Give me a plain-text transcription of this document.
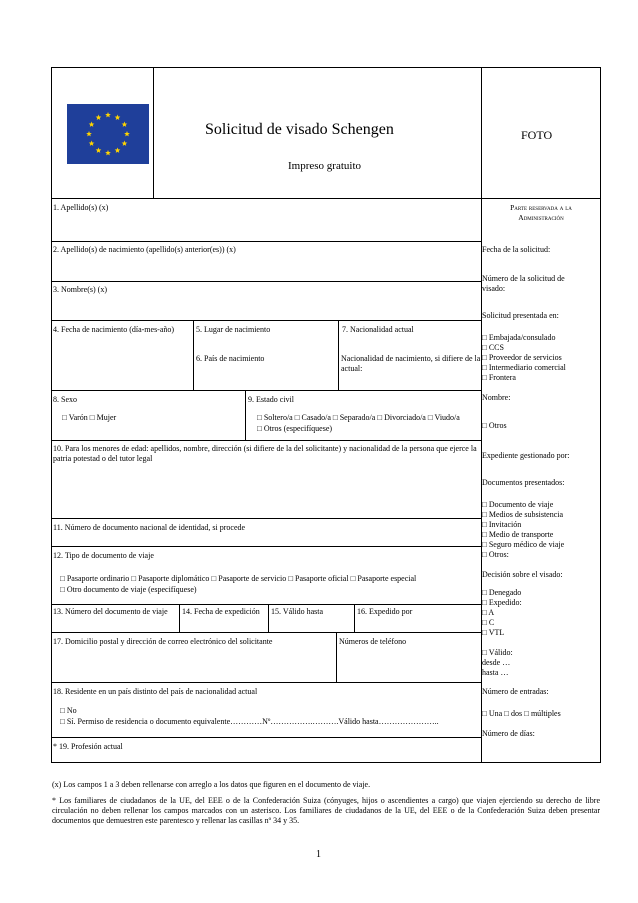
Solicitud de visado Schengen
Impreso gratuito
FOTO
1. Apellido(s) (x)
2. Apellido(s) de nacimiento (apellido(s) anterior(es)) (x)
3. Nombre(s) (x)
4. Fecha de nacimiento (día-mes-año)	5. Lugar de nacimiento
6. País de nacimiento
7. Nacionalidad actual
Nacionalidad de nacimiento, si difiere de la actual:
8. Sexo
□ Varón □ Mujer
9. Estado civil
□ Soltero/a □ Casado/a □ Separado/a □ Divorciado/a □ Viudo/a
□ Otros (especifíquese)
10. Para los menores de edad: apellidos, nombre, dirección (si difiere de la del solicitante) y nacionalidad de la persona que ejerce la patria potestad o del tutor legal
11. Número de documento nacional de identidad, si procede
12. Tipo de documento de viaje
□ Pasaporte ordinario □ Pasaporte diplomático □ Pasaporte de servicio □ Pasaporte oficial □ Pasaporte especial
□ Otro documento de viaje (especifíquese)
13. Número del documento de viaje 14. Fecha de expedición 15. Válido hasta	16. Expedido por
17. Domicilio postal y dirección de correo electrónico del solicitante	Números de teléfono
18. Residente en un país distinto del país de nacionalidad actual
□ No
□ Sí. Permiso de residencia o documento equivalente…………Nº…………….……….Válido hasta…………………..
* 19. Profesión actual
Parte reservada a la
Administración
Fecha de la solicitud:
Número de la solicitud de
visado:
Solicitud presentada en:
□ Embajada/consulado
□ CCS
□ Proveedor de servicios
□ Intermediario comercial
□ Frontera
Nombre:
□ Otros
Expediente gestionado por:
Documentos presentados:
□ Documento de viaje
□ Medios de subsistencia
□ Invitación
□ Medio de transporte
□ Seguro médico de viaje
□ Otros:
Decisión sobre el visado:
□ Denegado
□ Expedido:
□ A
□ C
□ VTL
□ Válido:
desde …
hasta …
Número de entradas:
□ Una □ dos □ múltiples
Número de días:
(x) Los campos 1 a 3 deben rellenarse con arreglo a los datos que figuren en el documento de viaje.
* Los familiares de ciudadanos de la UE, del EEE o de la Confederación Suiza (cónyuges, hijos o ascendientes a cargo) que viajen ejerciendo su derecho de libre circulación no deben rellenar los campos marcados con un asterisco. Los familiares de ciudadanos de la UE, del EEE o de la Confederación Suiza deben presentar documentos que demuestren este parentesco y rellenar las casillas nº 34 y 35.
1
